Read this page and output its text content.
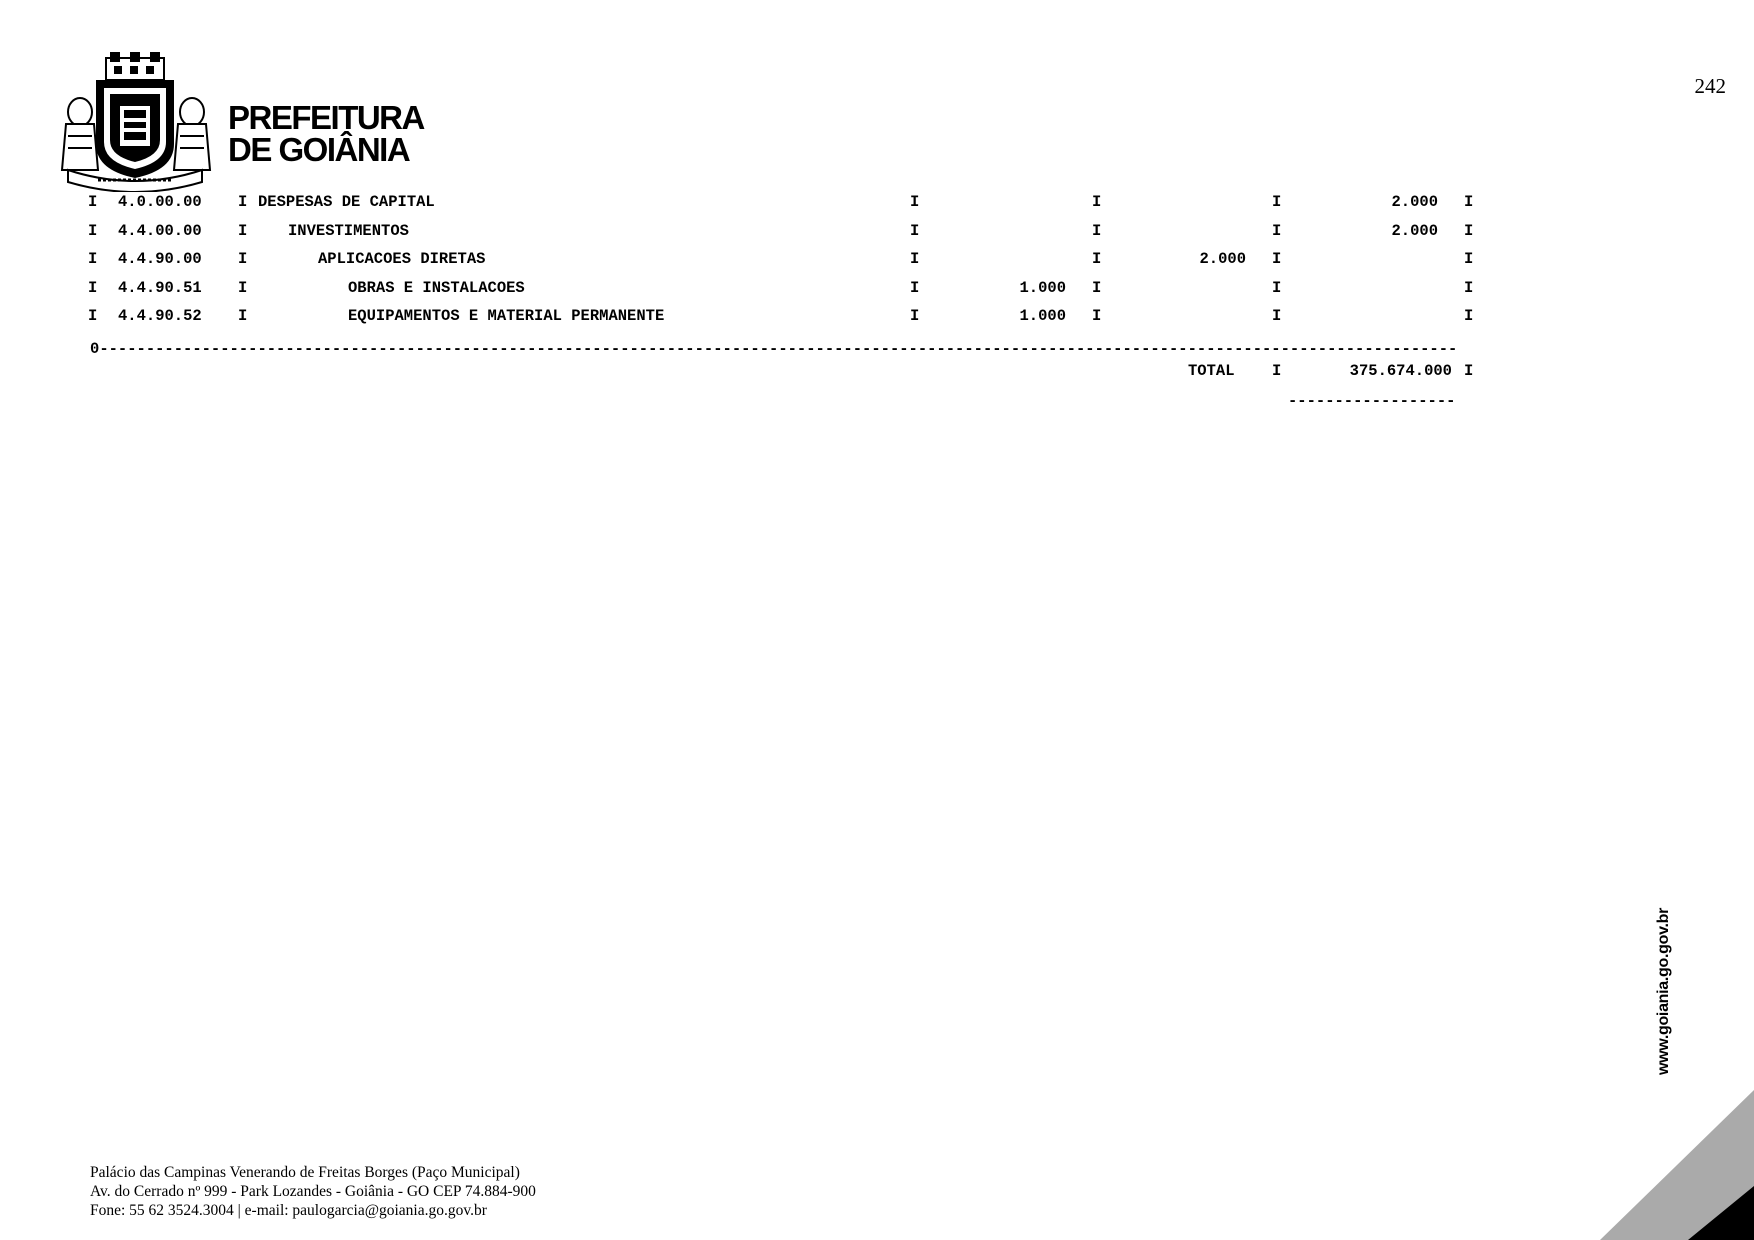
242
PREFEITURA
DE GOIÂNIA
I 4.0.00.00 I DESPESAS DE CAPITAL	I	I	I	2.000 I
I 4.4.00.00 I	INVESTIMENTOS	I	I	I	2.000 I
I 4.4.90.00 I	APLICACOES DIRETAS	I	I	2.000 I	I
I 4.4.90.51 I	OBRAS E INSTALACOES	I	1.000 I	I	I
I 4.4.90.52 I	EQUIPAMENTOS E MATERIAL PERMANENTE	I	1.000 I	I	I
0--------------------------------------------------------------------------------------------------------------------------------------------------
TOTAL I	375.674.000 I
------------------
Palácio das Campinas Venerando de Freitas Borges (Paço Municipal)
Av. do Cerrado nº 999 - Park Lozandes - Goiânia - GO CEP 74.884-900
Fone: 55 62 3524.3004 | e-mail: paulogarcia@goiania.go.gov.br
www.goiania.go.gov.br
